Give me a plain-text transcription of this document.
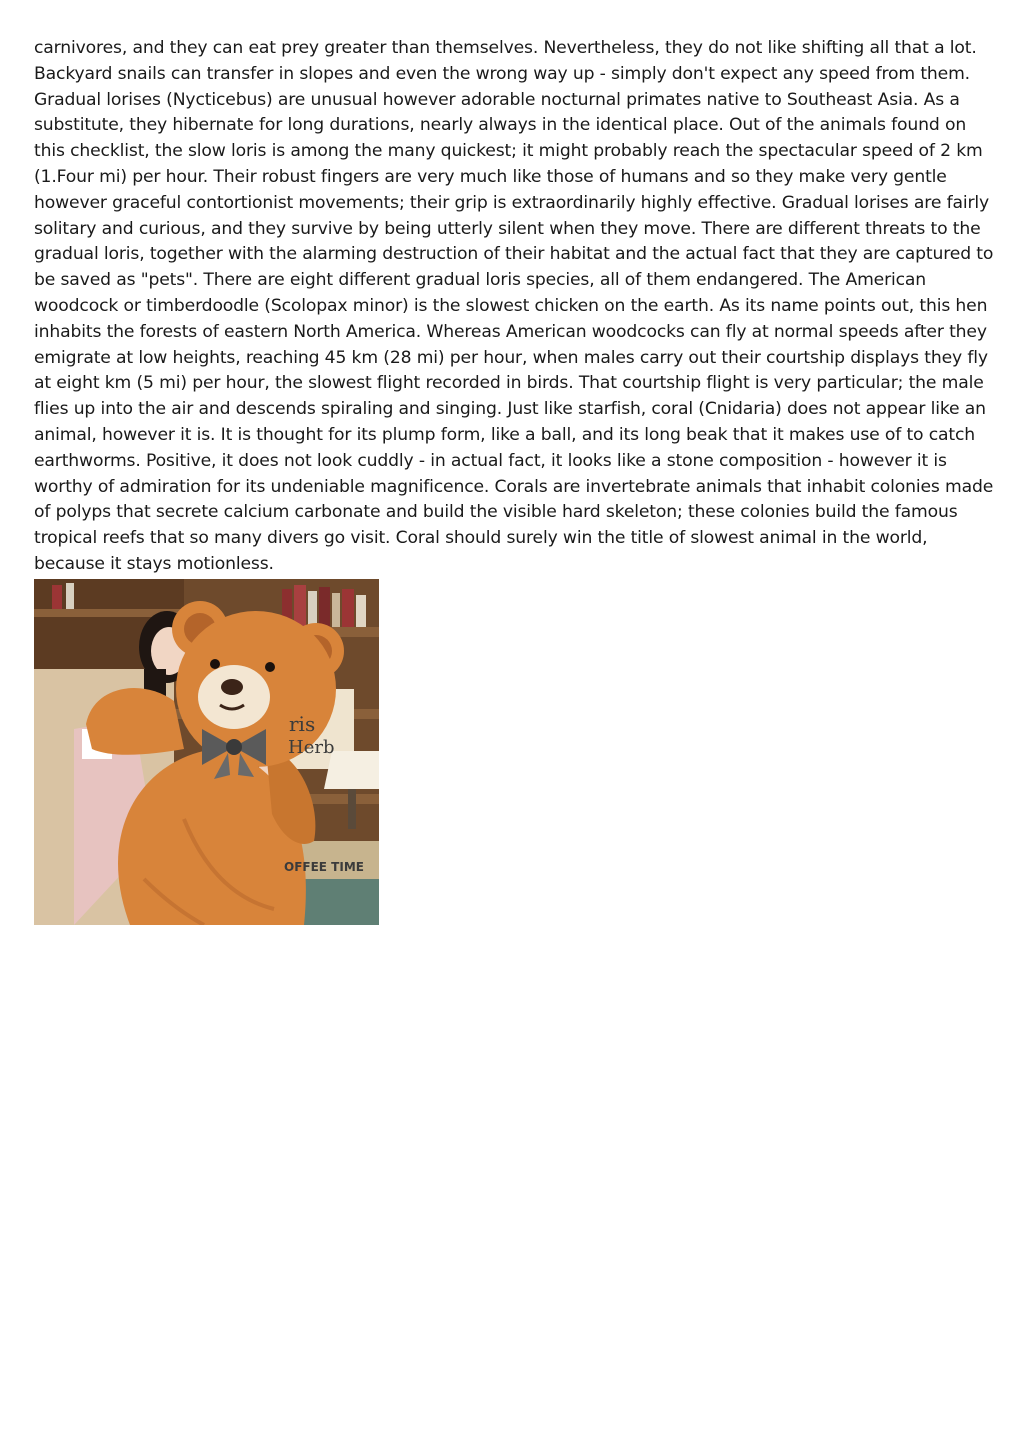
carnivores, and they can eat prey greater than themselves. Nevertheless, they do not like shifting all that a lot. Backyard snails can transfer in slopes and even the wrong way up - simply don't expect any speed from them. Gradual lorises (Nycticebus) are unusual however adorable nocturnal primates native to Southeast Asia. As a substitute, they hibernate for long durations, nearly always in the identical place. Out of the animals found on this checklist, the slow loris is among the many quickest; it might probably reach the spectacular speed of 2 km (1.Four mi) per hour. Their robust fingers are very much like those of humans and so they make very gentle however graceful contortionist movements; their grip is extraordinarily highly effective. Gradual lorises are fairly solitary and curious, and they survive by being utterly silent when they move. There are different threats to the gradual loris, together with the alarming destruction of their habitat and the actual fact that they are captured to be saved as "pets". There are eight different gradual loris species, all of them endangered. The American woodcock or timberdoodle (Scolopax minor) is the slowest chicken on the earth. As its name points out, this hen inhabits the forests of eastern North America. Whereas American woodcocks can fly at normal speeds after they emigrate at low heights, reaching 45 km (28 mi) per hour, when males carry out their courtship displays they fly at eight km (5 mi) per hour, the slowest flight recorded in birds. That courtship flight is very particular; the male flies up into the air and descends spiraling and singing. Just like starfish, coral (Cnidaria) does not appear like an animal, however it is. It is thought for its plump form, like a ball, and its long beak that it makes use of to catch earthworms. Positive, it does not look cuddly - in actual fact, it looks like a stone composition - however it is worthy of admiration for its undeniable magnificence. Corals are invertebrate animals that inhabit colonies made of polyps that secrete calcium carbonate and build the visible hard skeleton; these colonies build the famous tropical reefs that so many divers go visit. Coral should surely win the title of slowest animal in the world, because it stays motionless.

ris
Herb
OFFEE TIME
